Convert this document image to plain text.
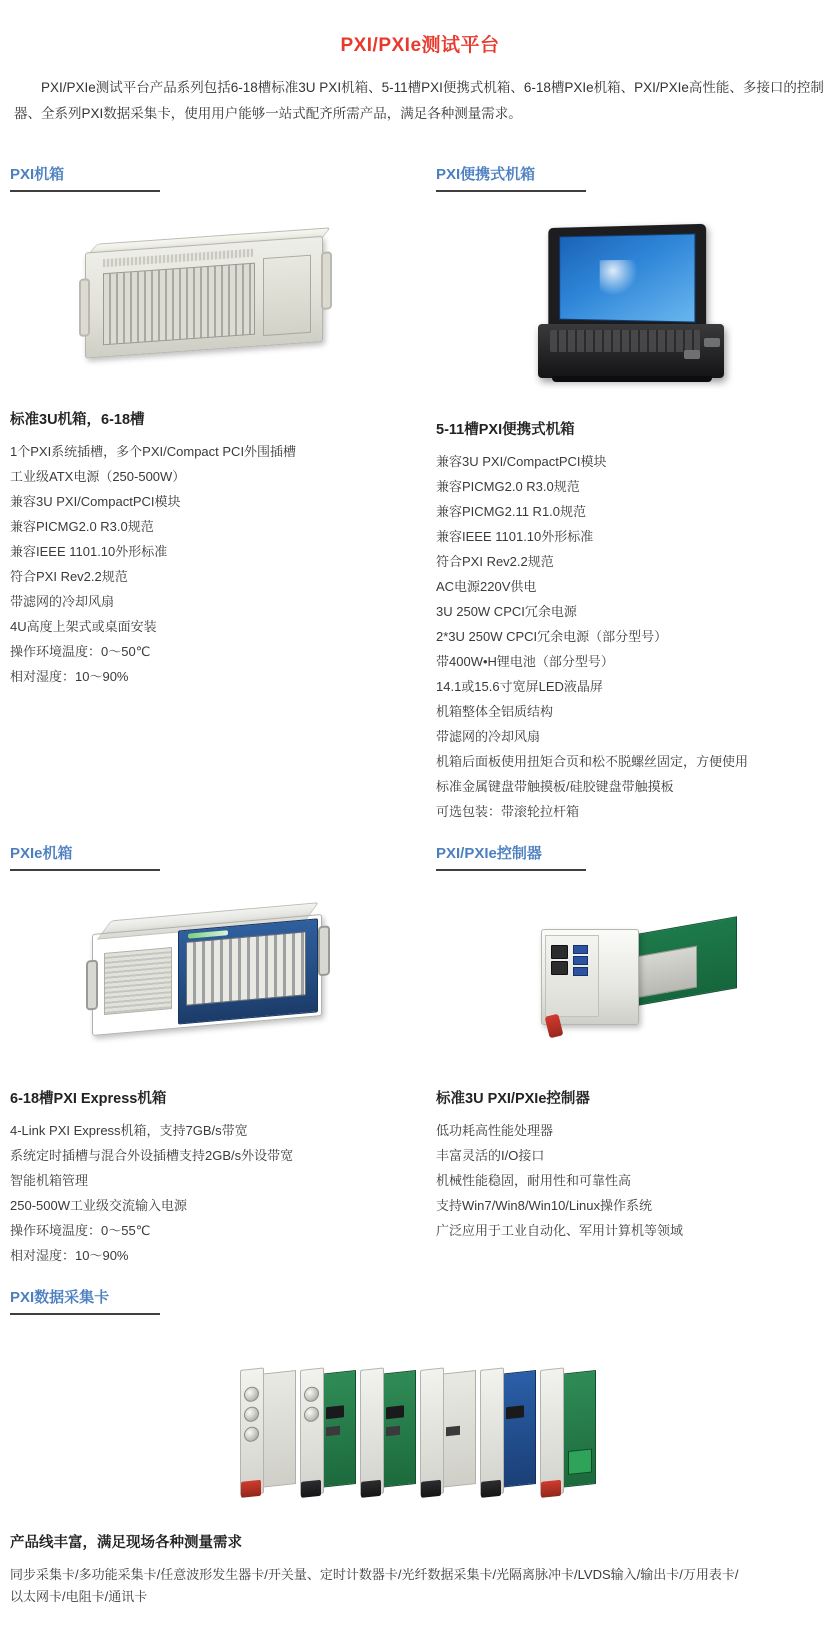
PXI/PXIe测试平台

PXI/PXIe测试平台产品系列包括6-18槽标准3U PXI机箱、5-11槽PXI便携式机箱、6-18槽PXIe机箱、PXI/PXIe高性能、多接口的控制器、全系列PXI数据采集卡，使用用户能够一站式配齐所需产品，满足各种测量需求。

PXI机箱
标准3U机箱，6-18槽
1个PXI系统插槽，多个PXI/Compact PCI外围插槽
工业级ATX电源（250-500W）
兼容3U PXI/CompactPCI模块
兼容PICMG2.0 R3.0规范
兼容IEEE 1101.10外形标准
符合PXI Rev2.2规范
带滤网的冷却风扇
4U高度上架式或桌面安装
操作环境温度：0～50℃
相对湿度：10～90%
PXI便携式机箱
5-11槽PXI便携式机箱
兼容3U PXI/CompactPCI模块
兼容PICMG2.0 R3.0规范
兼容PICMG2.11 R1.0规范
兼容IEEE 1101.10外形标准
符合PXI Rev2.2规范
AC电源220V供电
3U 250W CPCI冗余电源
2*3U 250W CPCI冗余电源（部分型号）
带400W•H锂电池（部分型号）
14.1或15.6寸宽屏LED液晶屏
机箱整体全铝质结构
带滤网的冷却风扇
机箱后面板使用扭矩合页和松不脱螺丝固定，方便使用
标准金属键盘带触摸板/硅胶键盘带触摸板
可选包装：带滚轮拉杆箱
PXIe机箱
6-18槽PXI Express机箱
4-Link PXI Express机箱，支持7GB/s带宽
系统定时插槽与混合外设插槽支持2GB/s外设带宽
智能机箱管理
250-500W工业级交流输入电源
操作环境温度：0～55℃
相对湿度：10～90%
PXI/PXIe控制器
标准3U PXI/PXIe控制器
低功耗高性能处理器
丰富灵活的I/O接口
机械性能稳固，耐用性和可靠性高
支持Win7/Win8/Win10/Linux操作系统
广泛应用于工业自动化、军用计算机等领域
PXI数据采集卡
产品线丰富，满足现场各种测量需求
同步采集卡/多功能采集卡/任意波形发生器卡/开关量、定时计数器卡/光纤数据采集卡/光隔离脉冲卡/LVDS输入/输出卡/万用表卡/
以太网卡/电阻卡/通讯卡
